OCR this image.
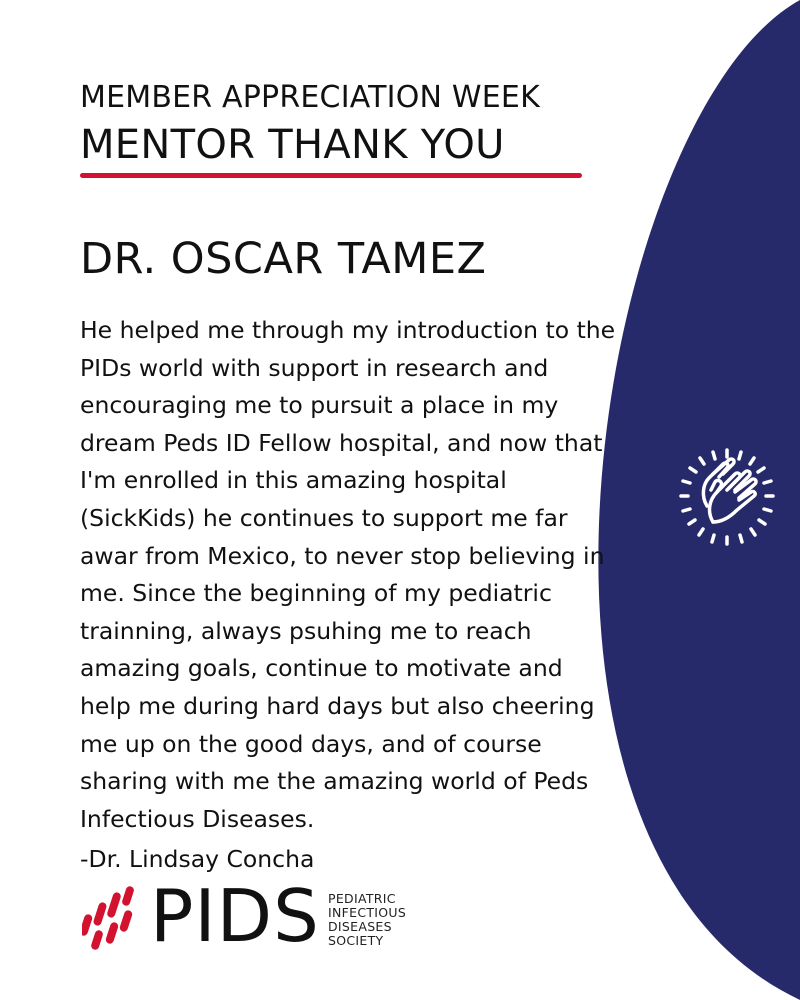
MEMBER APPRECIATION WEEK
MENTOR THANK YOU
DR. OSCAR TAMEZ

He helped me through my introduction to the PIDs world with support in research and encouraging me to pursuit a place in my dream Peds ID Fellow hospital, and now that I'm enrolled in this amazing hospital (SickKids) he continues to support me far awar from Mexico, to never stop believing in me. Since the beginning of my pediatric trainning, always psuhing me to reach amazing goals, continue to motivate and help me during hard days but also cheering me up on the good days, and of course sharing with me the amazing world of Peds Infectious Diseases.

-Dr. Lindsay Concha
PIDS PEDIATRIC
INFECTIOUS
DISEASES
SOCIETY
